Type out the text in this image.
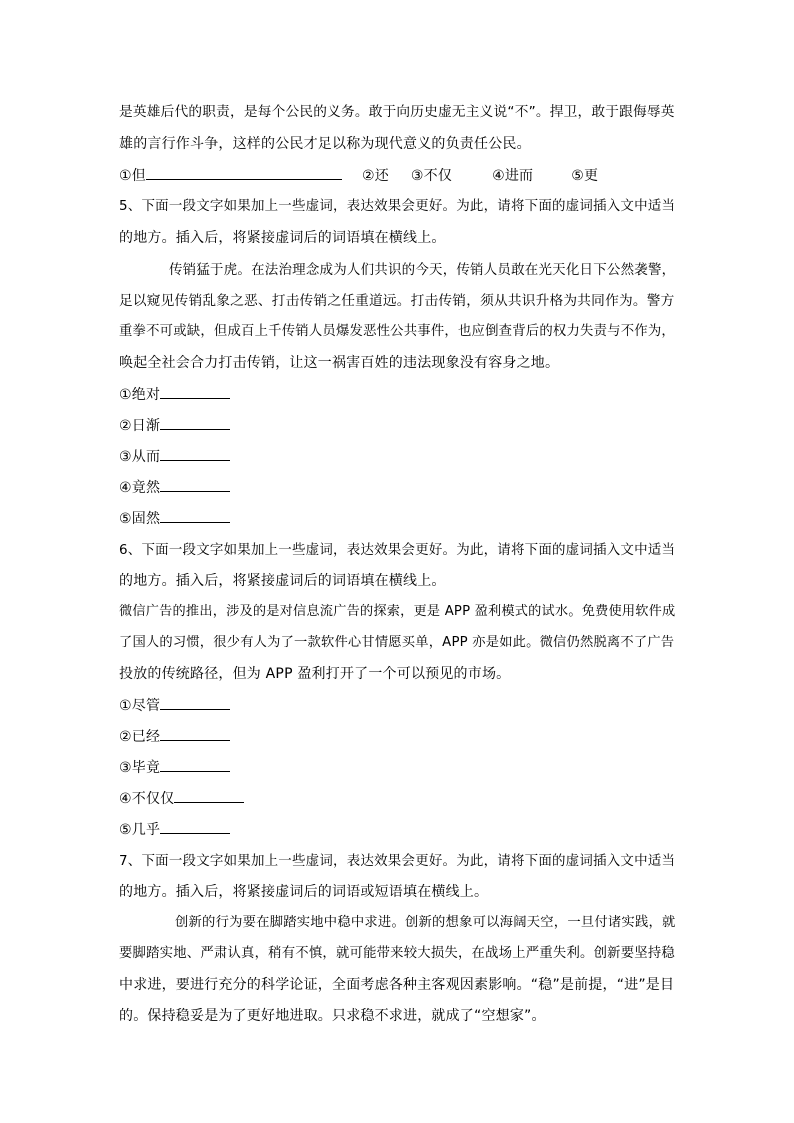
是英雄后代的职责，是每个公民的义务。敢于向历史虚无主义说“不”。捍卫，敢于跟侮辱英
雄的言行作斗争，这样的公民才足以称为现代意义的负责任公民。
①但	②还 ③不仅	④进而	⑤更
5、下面一段文字如果加上一些虚词，表达效果会更好。为此，请将下面的虚词插入文中适当
的地方。插入后，将紧接虚词后的词语填在横线上。
传销猛于虎。在法治理念成为人们共识的今天，传销人员敢在光天化日下公然袭警，
足以窥见传销乱象之恶、打击传销之任重道远。打击传销，须从共识升格为共同作为。警方
重拳不可或缺，但成百上千传销人员爆发恶性公共事件，也应倒查背后的权力失责与不作为，
唤起全社会合力打击传销，让这一祸害百姓的违法现象没有容身之地。
①绝对
②日渐
③从而
④竟然
⑤固然
6、下面一段文字如果加上一些虚词，表达效果会更好。为此，请将下面的虚词插入文中适当
的地方。插入后，将紧接虚词后的词语填在横线上。
微信广告的推出，涉及的是对信息流广告的探索，更是 APP 盈利模式的试水。免费使用软件成
了国人的习惯，很少有人为了一款软件心甘情愿买单，APP 亦是如此。微信仍然脱离不了广告
投放的传统路径，但为 APP 盈利打开了一个可以预见的市场。
①尽管
②已经
③毕竟
④不仅仅
⑤几乎
7、下面一段文字如果加上一些虚词，表达效果会更好。为此，请将下面的虚词插入文中适当
的地方。插入后，将紧接虚词后的词语或短语填在横线上。
创新的行为要在脚踏实地中稳中求进。创新的想象可以海阔天空，一旦付诸实践，就
要脚踏实地、严肃认真，稍有不慎，就可能带来较大损失，在战场上严重失利。创新要坚持稳
中求进，要进行充分的科学论证，全面考虑各种主客观因素影响。“稳”是前提，“进”是目
的。保持稳妥是为了更好地进取。只求稳不求进，就成了“空想家”。
